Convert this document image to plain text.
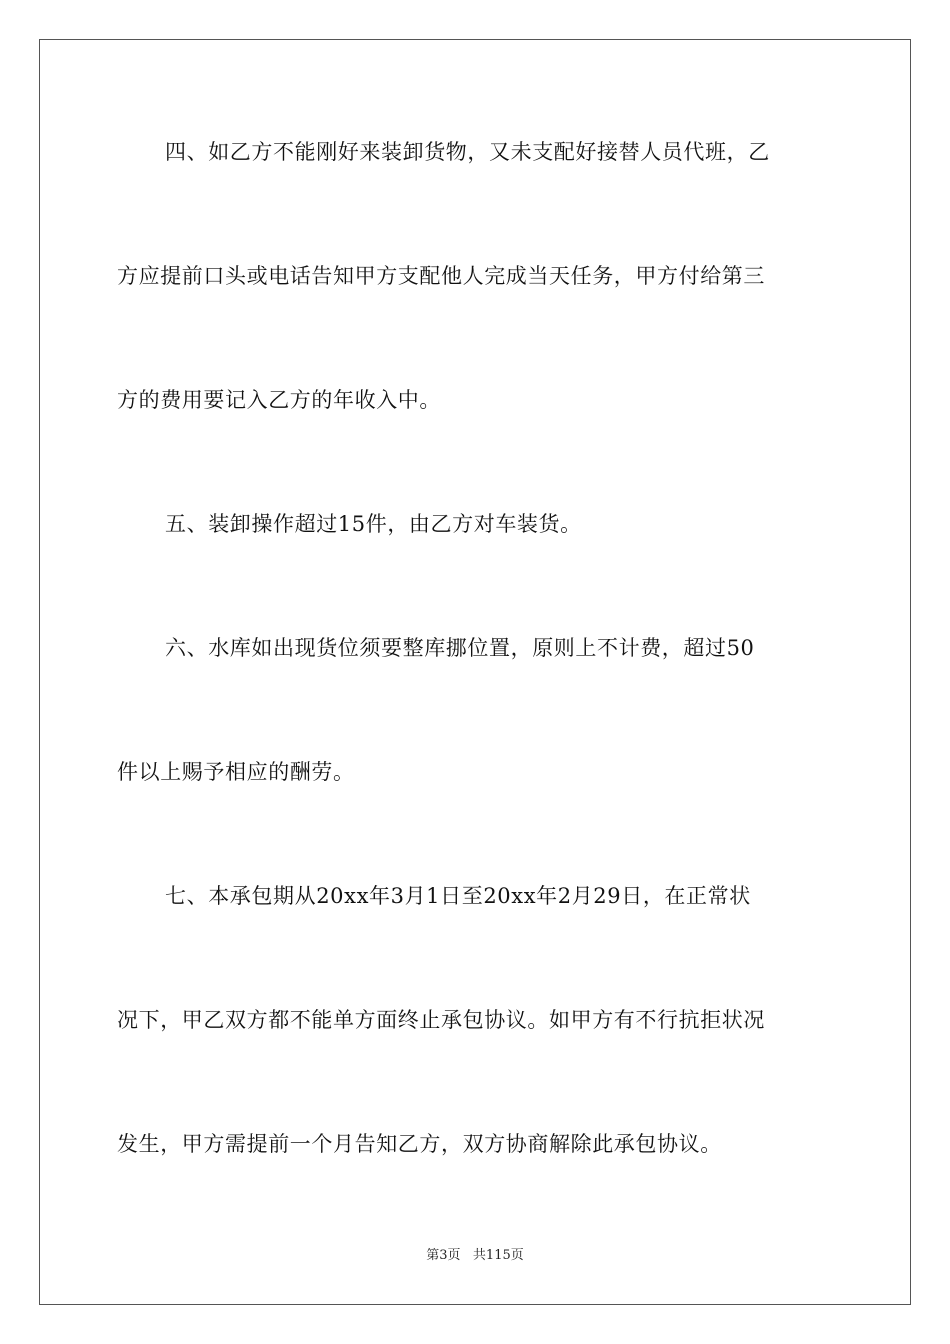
四、如乙方不能刚好来装卸货物，又未支配好接替人员代班，乙
方应提前口头或电话告知甲方支配他人完成当天任务，甲方付给第三
方的费用要记入乙方的年收入中。
五、装卸操作超过15件，由乙方对车装货。
六、水库如出现货位须要整库挪位置，原则上不计费，超过50
件以上赐予相应的酬劳。
七、本承包期从20xx年3月1日至20xx年2月29日，在正常状
况下，甲乙双方都不能单方面终止承包协议。如甲方有不行抗拒状况
发生，甲方需提前一个月告知乙方，双方协商解除此承包协议。
第3页 共115页
